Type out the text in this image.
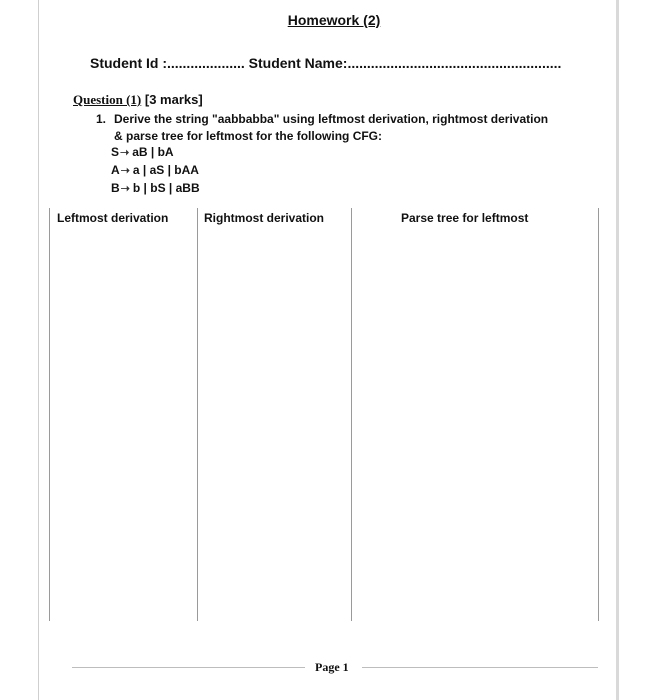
Homework (2)
Student Id :.................... Student Name:.......................................................
Question (1) [3 marks]
1. Derive the string "aabbabba" using leftmost derivation, rightmost derivation
& parse tree for leftmost for the following CFG:
S➝ aB | bA
A➝ a | aS | bAA
B➝ b | bS | aBB
Leftmost derivation	Rightmost derivation	Parse tree for leftmost
Page 1
